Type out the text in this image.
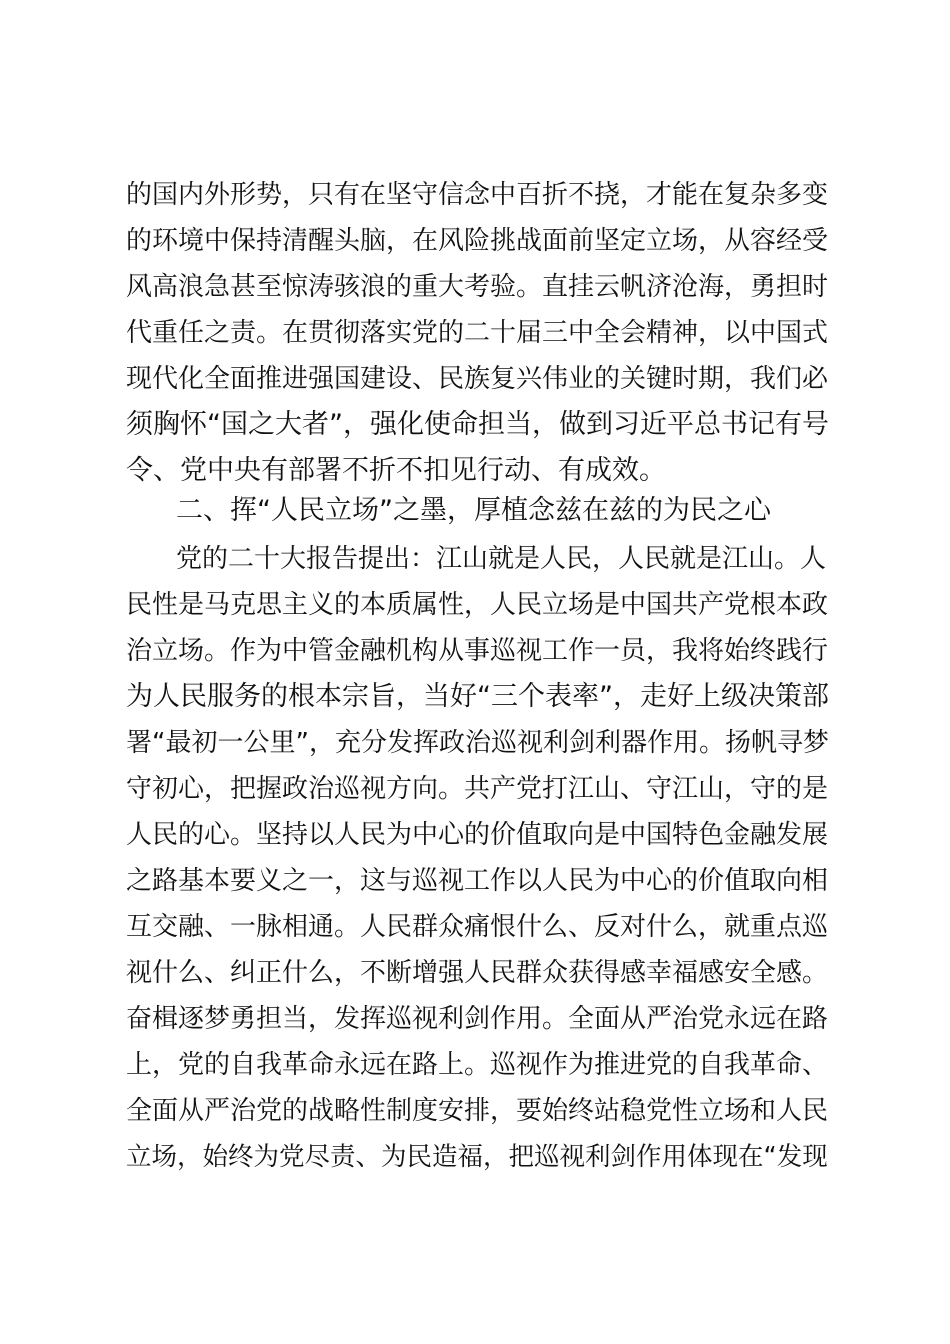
的国内外形势，只有在坚守信念中百折不挠，才能在复杂多变
的环境中保持清醒头脑，在风险挑战面前坚定立场，从容经受
风高浪急甚至惊涛骇浪的重大考验。直挂云帆济沧海，勇担时
代重任之责。在贯彻落实党的二十届三中全会精神，以中国式
现代化全面推进强国建设、民族复兴伟业的关键时期，我们必
须胸怀“国之大者”，强化使命担当，做到习近平总书记有号
令、党中央有部署不折不扣见行动、有成效。
二、挥“人民立场”之墨，厚植念兹在兹的为民之心
党的二十大报告提出：江山就是人民，人民就是江山。人
民性是马克思主义的本质属性，人民立场是中国共产党根本政
治立场。作为中管金融机构从事巡视工作一员，我将始终践行
为人民服务的根本宗旨，当好“三个表率”，走好上级决策部
署“最初一公里”，充分发挥政治巡视利剑利器作用。扬帆寻梦
守初心，把握政治巡视方向。共产党打江山、守江山，守的是
人民的心。坚持以人民为中心的价值取向是中国特色金融发展
之路基本要义之一，这与巡视工作以人民为中心的价值取向相
互交融、一脉相通。人民群众痛恨什么、反对什么，就重点巡
视什么、纠正什么，不断增强人民群众获得感幸福感安全感。
奋楫逐梦勇担当，发挥巡视利剑作用。全面从严治党永远在路
上，党的自我革命永远在路上。巡视作为推进党的自我革命、
全面从严治党的战略性制度安排，要始终站稳党性立场和人民
立场，始终为党尽责、为民造福，把巡视利剑作用体现在“发现
